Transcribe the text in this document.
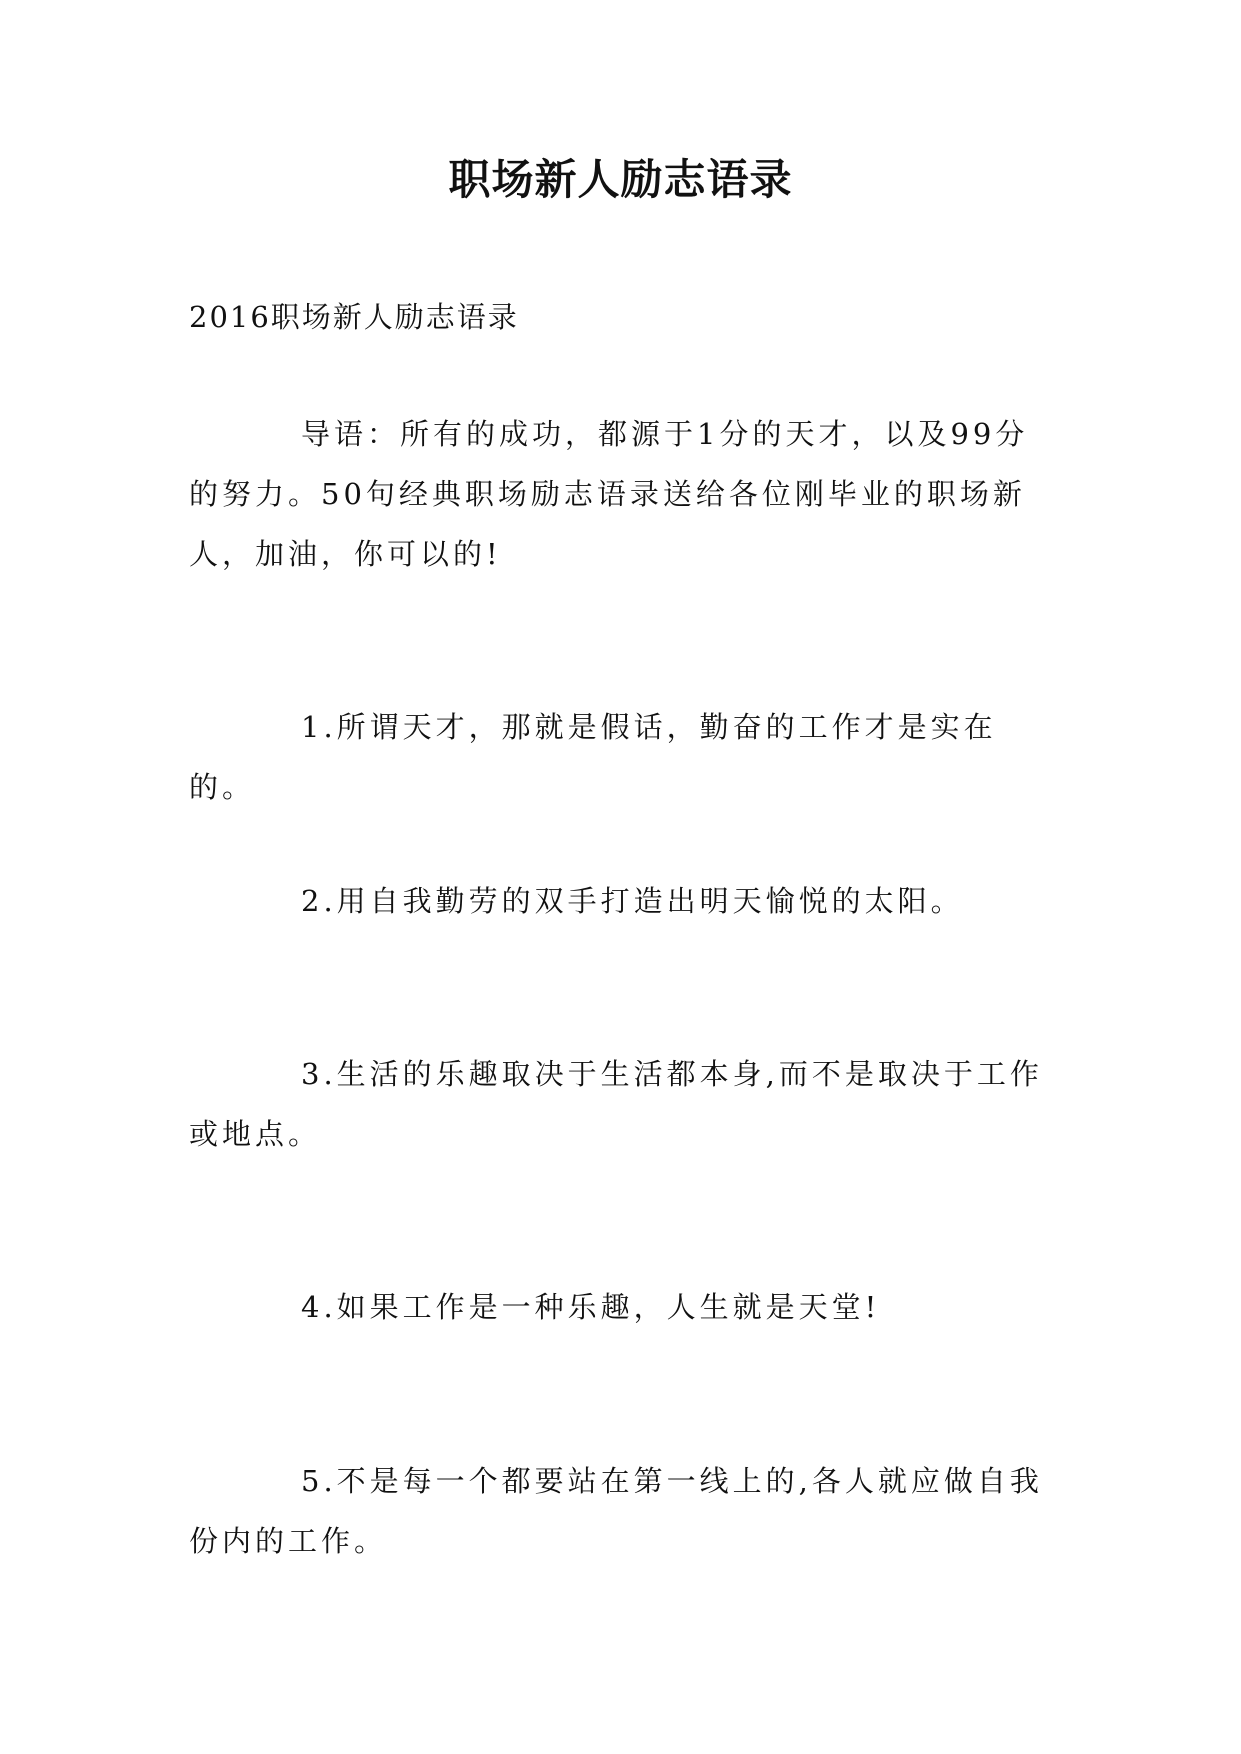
职场新人励志语录

2016职场新人励志语录

导语：所有的成功，都源于1分的天才，以及99分的努力。50句经典职场励志语录送给各位刚毕业的职场新人，加油，你可以的!

1.所谓天才，那就是假话，勤奋的工作才是实在的。

2.用自我勤劳的双手打造出明天愉悦的太阳。

3.生活的乐趣取决于生活都本身,而不是取决于工作或地点。

4.如果工作是一种乐趣，人生就是天堂!

5.不是每一个都要站在第一线上的,各人就应做自我份内的工作。
